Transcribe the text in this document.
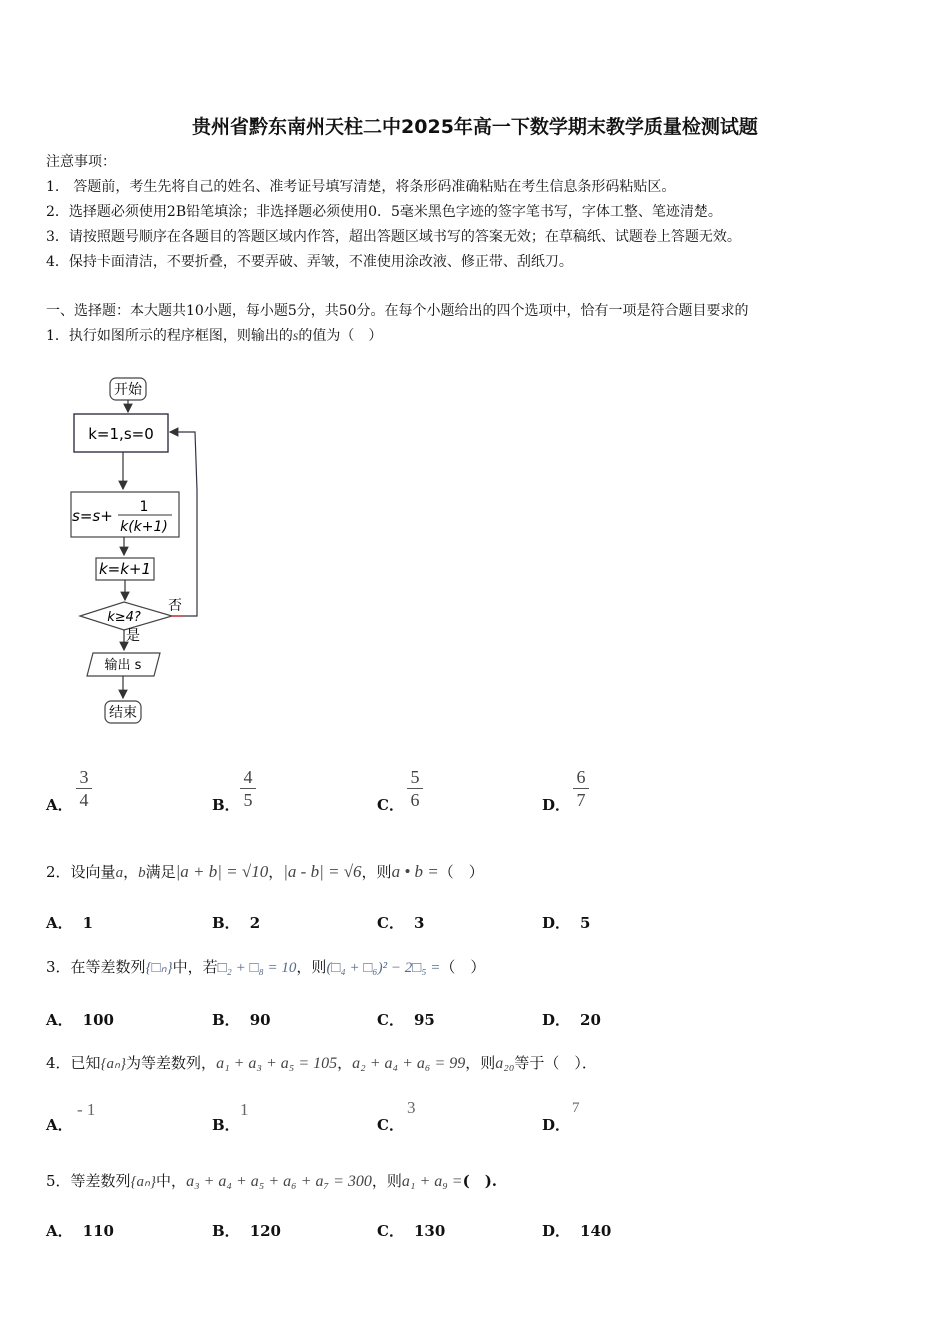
贵州省黔东南州天柱二中2025年高一下数学期末教学质量检测试题
注意事项：
1.　答题前，考生先将自己的姓名、准考证号填写清楚，将条形码准确粘贴在考生信息条形码粘贴区。
2．选择题必须使用2B铅笔填涂；非选择题必须使用0．5毫米黑色字迹的签字笔书写，字体工整、笔迹清楚。
3．请按照题号顺序在各题目的答题区域内作答，超出答题区域书写的答案无效；在草稿纸、试题卷上答题无效。
4．保持卡面清洁，不要折叠，不要弄破、弄皱，不准使用涂改液、修正带、刮纸刀。
一、选择题：本大题共10小题，每小题5分，共50分。在每个小题给出的四个选项中，恰有一项是符合题目要求的
1．执行如图所示的程序框图，则输出的s的值为（　）
开始
k=1,s=0
s=s+ 1
k(k+1)
k=k+1
k≥4?
否
是
输出 s
结束
A．
3
4	B．
4
5	C．
5
6	D．
6
7
2．设向量a，b满足|a + b| = √10，|a - b| = √6，则a • b =（　）
A． 1	B． 2	C． 3	D． 5
3．在等差数列{□ₙ}中，若□₂ + □₈ = 10，则(□₄ + □₆)² − 2□₅ =（　）
A． 100	B． 90	C． 95	D． 20
4．已知{aₙ}为等差数列，a₁ + a₃ + a₅ = 105，a₂ + a₄ + a₆ = 99，则a₂₀等于（　）．
A．
- 1
B．
1
C．
3
D．
7
5．等差数列{aₙ}中，a₃ + a₄ + a₅ + a₆ + a₇ = 300，则a₁ + a₉ =(　).
A． 110	B． 120	C． 130	D． 140
